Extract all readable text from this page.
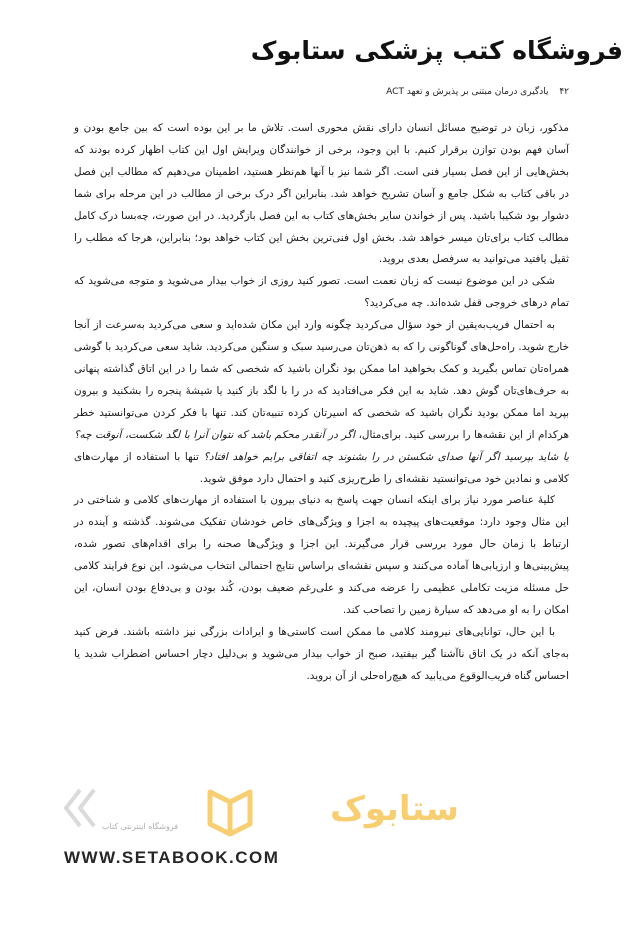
فروشگاه کتب پزشکی ستابوک
۴۲ یادگیری درمان مبتنی بر پذیرش و تعهد ACT

مذکور، زبان در توضیح مسائل انسان دارای نقش محوری است. تلاش ما بر این بوده است که بین جامع بودن و آسان فهم بودن توازن برقرار کنیم. با این وجود، برخی از خوانندگان ویرایش اول این کتاب اظهار کرده بودند که بخش‌هایی از این فصل بسیار فنی است. اگر شما نیز با آنها هم‌نظر هستید، اطمینان می‌دهیم که مطالب این فصل در باقی کتاب به شکل جامع و آسان تشریح خواهد شد. بنابراین اگر درک برخی از مطالب در این مرحله برای شما دشوار بود شکیبا باشید. پس از خواندن سایر بخش‌های کتاب به این فصل بازگردید. در این صورت، چه‌بسا درک کامل مطالب کتاب برای‌تان میسر خواهد شد. بخش اول فنی‌ترین بخش این کتاب خواهد بود؛ بنابراین، هرجا که مطلب را ثقیل یافتید می‌توانید به سرفصل بعدی بروید.

شکی در این موضوع نیست که زبان نعمت است. تصور کنید روزی از خواب بیدار می‌شوید و متوجه می‌شوید که تمام درهای خروجی قفل شده‌اند. چه می‌کردید؟

به احتمال فریب‌به‌یقین از خود سؤال می‌کردید چگونه وارد این مکان شده‌اید و سعی می‌کردید به‌سرعت از آنجا خارج شوید. راه‌حل‌های گوناگونی را که به ذهن‌تان می‌رسید سبک و سنگین می‌کردید. شاید سعی می‌کردید با گوشی همراه‌تان تماس بگیرید و کمک بخواهید اما ممکن بود نگران باشید که شخصی که شما را در این اتاق گذاشته پنهانی به حرف‌های‌تان گوش دهد. شاید به این فکر می‌افتادید که در را با لگد باز کنید یا شیشهٔ پنجره را بشکنید و بیرون بپرید اما ممکن بودید نگران باشید که شخصی که اسیرتان کرده تنبیه‌تان کند. تنها با فکر کردن می‌توانستید خطر هرکدام از این نقشه‌ها را بررسی کنید. برای‌مثال، اگر در آنقدر محکم باشد که نتوان آنرا با لگد شکست، آنوقت چه؟ یا شاید بپرسید اگر آنها صدای شکستن در را بشنوند چه اتفاقی برایم خواهد افتاد؟ تنها با استفاده از مهارت‌های کلامی و نمادین خود می‌توانستید نقشه‌ای را طرح‌ریزی کنید و احتمال دارد موفق شوید.

کلیهٔ عناصر مورد نیاز برای اینکه انسان جهت پاسخ به دنیای بیرون با استفاده از مهارت‌های کلامی و شناختی در این مثال وجود دارد: موقعیت‌های پیچیده به اجزا و ویژگی‌های خاص خودشان تفکیک می‌شوند. گذشته و آینده در ارتباط با زمان حال مورد بررسی قرار می‌گیرند. این اجزا و ویژگی‌ها صحنه را برای اقدام‌های تصور شده، پیش‌بینی‌ها و ارزیابی‌ها آماده می‌کنند و سپس نقشه‌ای براساس نتایج احتمالی انتخاب می‌شود. این نوع فرایند کلامی حل مسئله مزیت تکاملی عظیمی را عرضه می‌کند و علی‌رغم ضعیف بودن، کُند بودن و بی‌دفاع بودن انسان، این امکان را به او می‌دهد که سیارهٔ زمین را تصاحب کند.

با این حال، توانایی‌های نیرومند کلامی ما ممکن است کاستی‌ها و ایرادات بزرگی نیز داشته باشند. فرض کنید به‌جای آنکه در یک اتاق ناآشنا گیر بیفتید، صبح از خواب بیدار می‌شوید و بی‌دلیل دچار احساس اضطراب شدید یا احساس گناه فریب‌الوقوع می‌یابید که هیچ‌راه‌حلی از آن بروید.

ستابوک
فروشگاه اینترنتی کتاب
WWW.SETABOOK.COM
